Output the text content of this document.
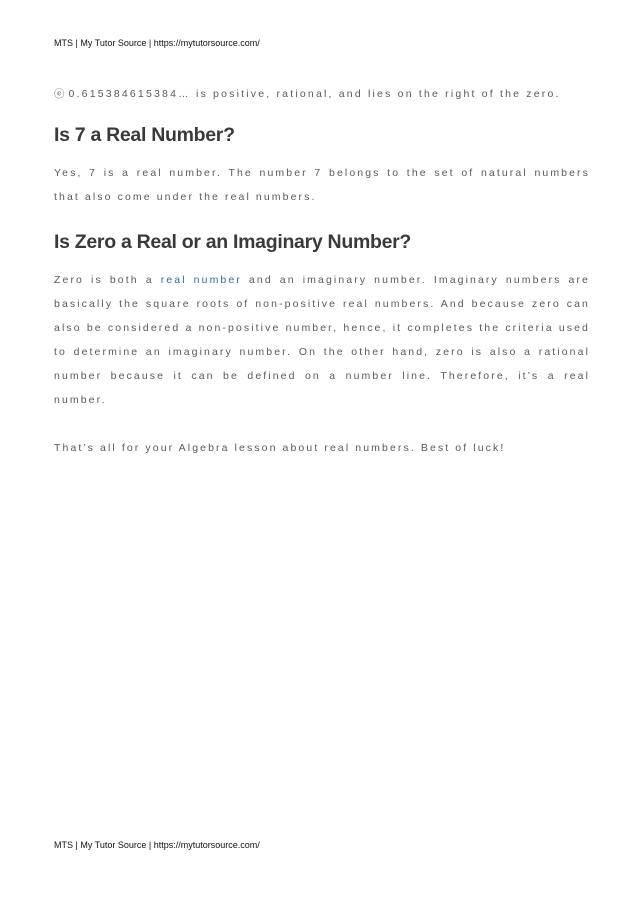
MTS | My Tutor Source | https://mytutorsource.com/
ⓔ 0.615384615384… is positive, rational, and lies on the right of the zero.
Is 7 a Real Number?

Yes, 7 is a real number. The number 7 belongs to the set of natural numbers that also come under the real numbers.

Is Zero a Real or an Imaginary Number?

Zero is both a real number and an imaginary number. Imaginary numbers are basically the square roots of non-positive real numbers. And because zero can also be considered a non-positive number, hence, it completes the criteria used to determine an imaginary number. On the other hand, zero is also a rational number because it can be defined on a number line. Therefore, it’s a real number.

That’s all for your Algebra lesson about real numbers. Best of luck!

MTS | My Tutor Source | https://mytutorsource.com/
